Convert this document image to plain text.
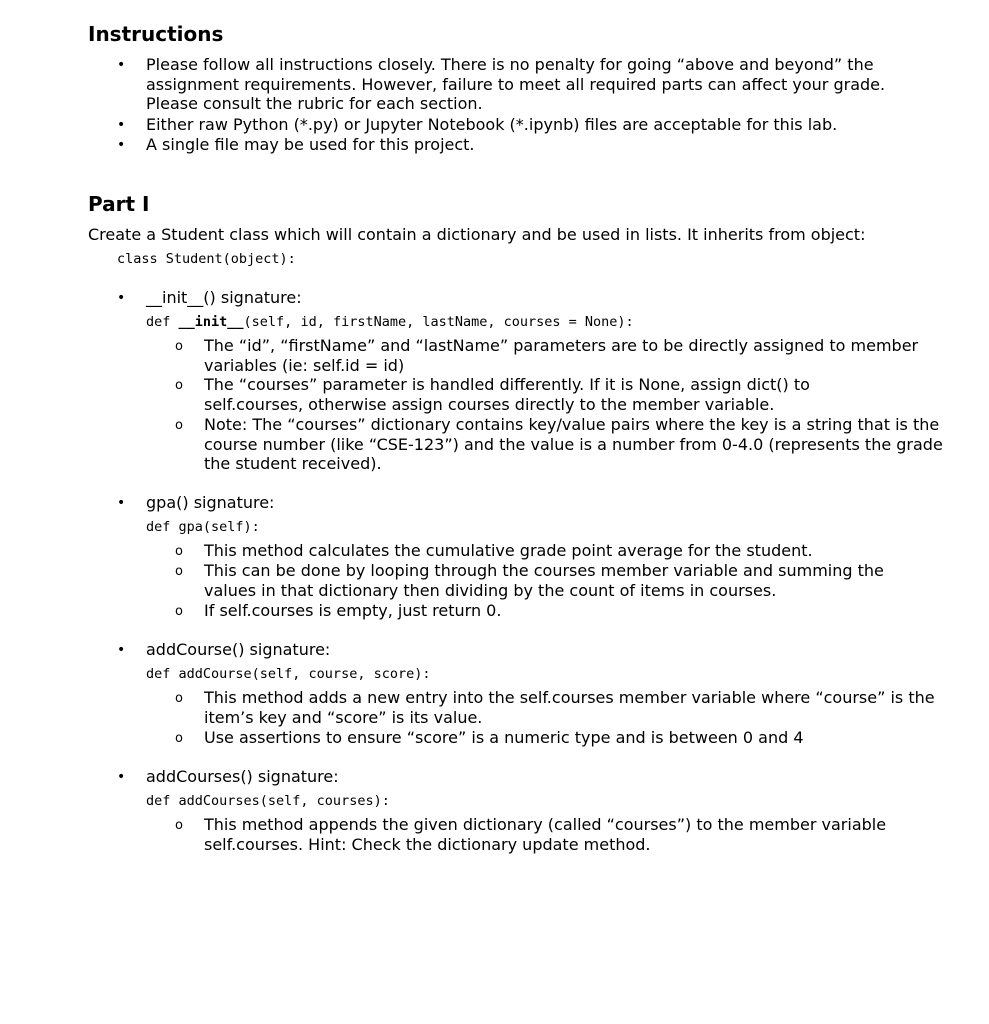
Instructions
• Please follow all instructions closely. There is no penalty for going “above and beyond” the assignment requirements. However, failure to meet all required parts can affect your grade. Please consult the rubric for each section.
• Either raw Python (*.py) or Jupyter Notebook (*.ipynb) files are acceptable for this lab.
• A single file may be used for this project.
Part I
Create a Student class which will contain a dictionary and be used in lists. It inherits from object:
class Student(object):
• __init__() signature:
def __init__(self, id, firstName, lastName, courses = None):
o The “id”, “firstName” and “lastName” parameters are to be directly assigned to member variables (ie: self.id = id)
o The “courses” parameter is handled differently. If it is None, assign dict() to self.courses, otherwise assign courses directly to the member variable.
o Note: The “courses” dictionary contains key/value pairs where the key is a string that is the course number (like “CSE-123”) and the value is a number from 0-4.0 (represents the grade the student received).
• gpa() signature:
def gpa(self):
o This method calculates the cumulative grade point average for the student.
o This can be done by looping through the courses member variable and summing the values in that dictionary then dividing by the count of items in courses.
o If self.courses is empty, just return 0.
• addCourse() signature:
def addCourse(self, course, score):
o This method adds a new entry into the self.courses member variable where “course” is the item’s key and “score” is its value.
o Use assertions to ensure “score” is a numeric type and is between 0 and 4
• addCourses() signature:
def addCourses(self, courses):
o This method appends the given dictionary (called “courses”) to the member variable self.courses. Hint: Check the dictionary update method.
